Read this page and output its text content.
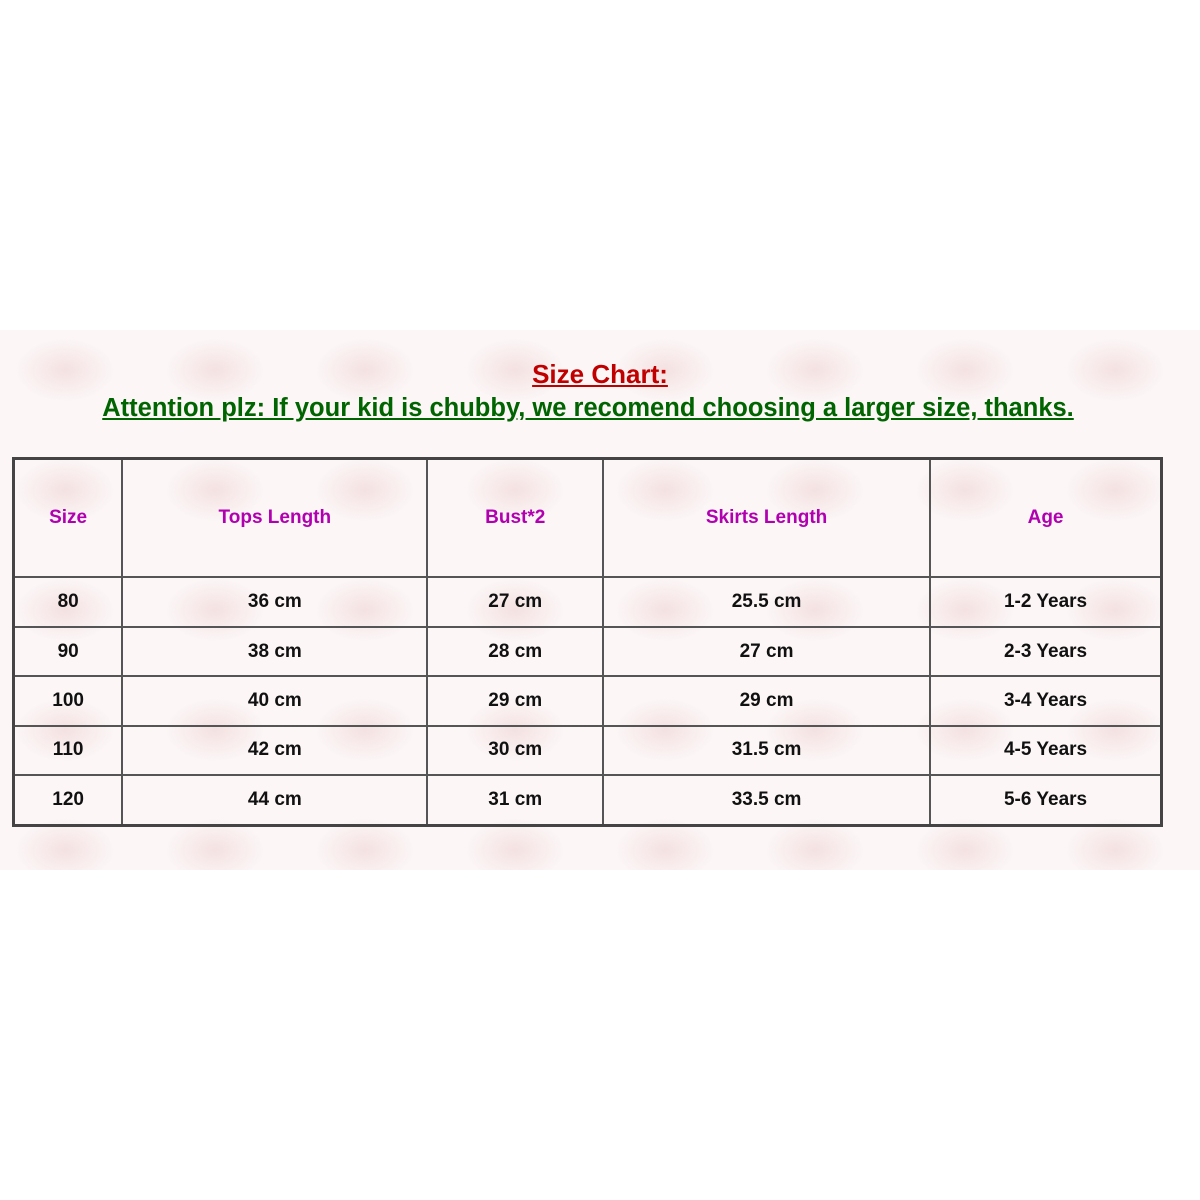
Size Chart:
Attention plz: If your kid is chubby, we recomend choosing a larger size, thanks.
Size	Tops Length	Bust*2	Skirts Length	Age
80	36 cm	27 cm	25.5 cm	1-2 Years
90	38 cm	28 cm	27 cm	2-3 Years
100	40 cm	29 cm	29 cm	3-4 Years
110	42 cm	30 cm	31.5 cm	4-5 Years
120	44 cm	31 cm	33.5 cm	5-6 Years
